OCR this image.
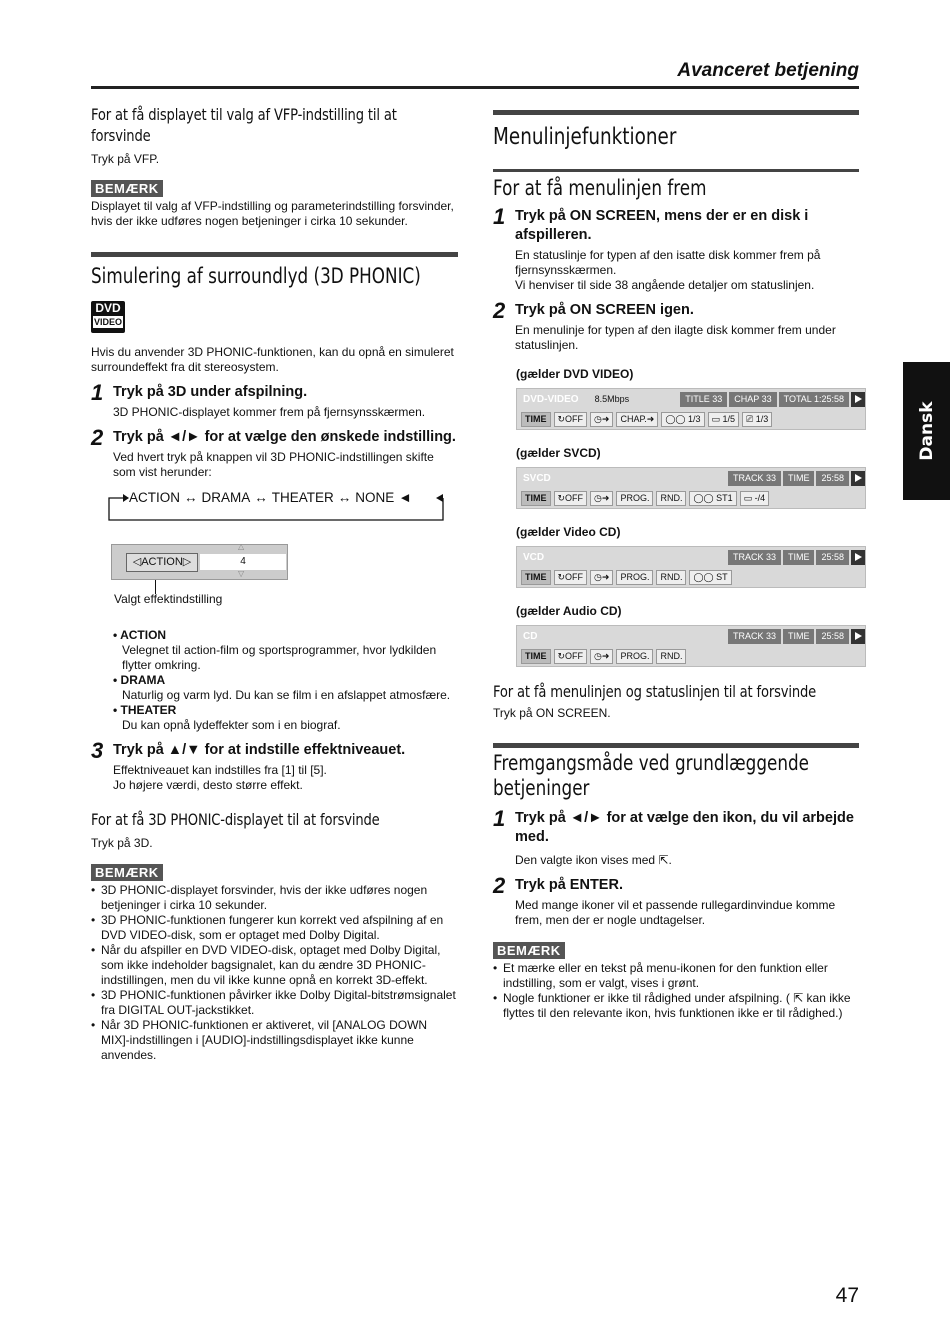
Avanceret betjening
For at få displayet til valg af VFP-indstilling til at forsvinde

Tryk på VFP.

BEMÆRK

Displayet til valg af VFP-indstilling og parameterindstilling forsvinder, hvis der ikke udføres nogen betjeninger i cirka 10 sekunder.

Simulering af surroundlyd (3D PHONIC)
DVD
VIDEO

Hvis du anvender 3D PHONIC-funktionen, kan du opnå en simuleret surroundeffekt fra dit stereosystem.

1 Tryk på 3D under afspilning.
3D PHONIC-displayet kommer frem på fjernsynsskærmen.
2 Tryk på ◄/► for at vælge den ønskede indstilling.
Ved hvert tryk på knappen vil 3D PHONIC-indstillingen skifte som vist herunder:
ACTION ↔ DRAMA ↔ THEATER ↔ NONE ◄
◁ACTION▷	4
△
▽
Valgt effektindstilling
• ACTION
Velegnet til action-film og sportsprogrammer, hvor lydkilden flytter omkring.
• DRAMA
Naturlig og varm lyd. Du kan se film i en afslappet atmosfære.
• THEATER
Du kan opnå lydeffekter som i en biograf.
3 Tryk på ▲/▼ for at indstille effektniveauet.
Effektniveauet kan indstilles fra [1] til [5].
Jo højere værdi, desto større effekt.
For at få 3D PHONIC-displayet til at forsvinde

Tryk på 3D.

BEMÆRK
• 3D PHONIC-displayet forsvinder, hvis der ikke udføres nogen betjeninger i cirka 10 sekunder.
• 3D PHONIC-funktionen fungerer kun korrekt ved afspilning af en DVD VIDEO-disk, som er optaget med Dolby Digital.
• Når du afspiller en DVD VIDEO-disk, optaget med Dolby Digital, som ikke indeholder bagsignalet, kan du ændre 3D PHONIC-indstillingen, men du vil ikke kunne opnå en korrekt 3D-effekt.
• 3D PHONIC-funktionen påvirker ikke Dolby Digital-bitstrømsignalet fra DIGITAL OUT-jackstikket.
• Når 3D PHONIC-funktionen er aktiveret, vil [ANALOG DOWN MIX]-indstillingen i [AUDIO]-indstillingsdisplayet ikke kunne anvendes.
Menulinjefunktioner
For at få menulinjen frem
1 Tryk på ON SCREEN, mens der er en disk i afspilleren.
En statuslinje for typen af den isatte disk kommer frem på fjernsynsskærmen.
Vi henviser til side 38 angående detaljer om statuslinjen.
2 Tryk på ON SCREEN igen.
En menulinje for typen af den ilagte disk kommer frem under statuslinjen.
(gælder DVD VIDEO)
DVD-VIDEO	8.5Mbps	TITLE 33	CHAP 33	TOTAL 1:25:58
TIME	↻OFF	◷➜	CHAP.➜	◯◯ 1/3	▭ 1/5	⎚ 1/3
(gælder SVCD)
SVCD	TRACK 33	TIME	25:58
TIME	↻OFF	◷➜	PROG.	RND.	◯◯ ST1	▭ -/4
(gælder Video CD)
VCD	TRACK 33	TIME	25:58
TIME	↻OFF	◷➜	PROG.	RND.	◯◯ ST
(gælder Audio CD)
CD	TRACK 33	TIME	25:58
TIME	↻OFF	◷➜	PROG.	RND.
For at få menulinjen og statuslinjen til at forsvinde

Tryk på ON SCREEN.

Fremgangsmåde ved grundlæggende betjeninger
1 Tryk på ◄/► for at vælge den ikon, du vil arbejde med.
Den valgte ikon vises med ⇱.
2 Tryk på ENTER.
Med mange ikoner vil et passende rullegardinvindue komme frem, men der er nogle undtagelser.
BEMÆRK
• Et mærke eller en tekst på menu-ikonen for den funktion eller indstilling, som er valgt, vises i grønt.
• Nogle funktioner er ikke til rådighed under afspilning. ( ⇱ kan ikke flyttes til den relevante ikon, hvis funktionen ikke er til rådighed.)
Dansk
47
